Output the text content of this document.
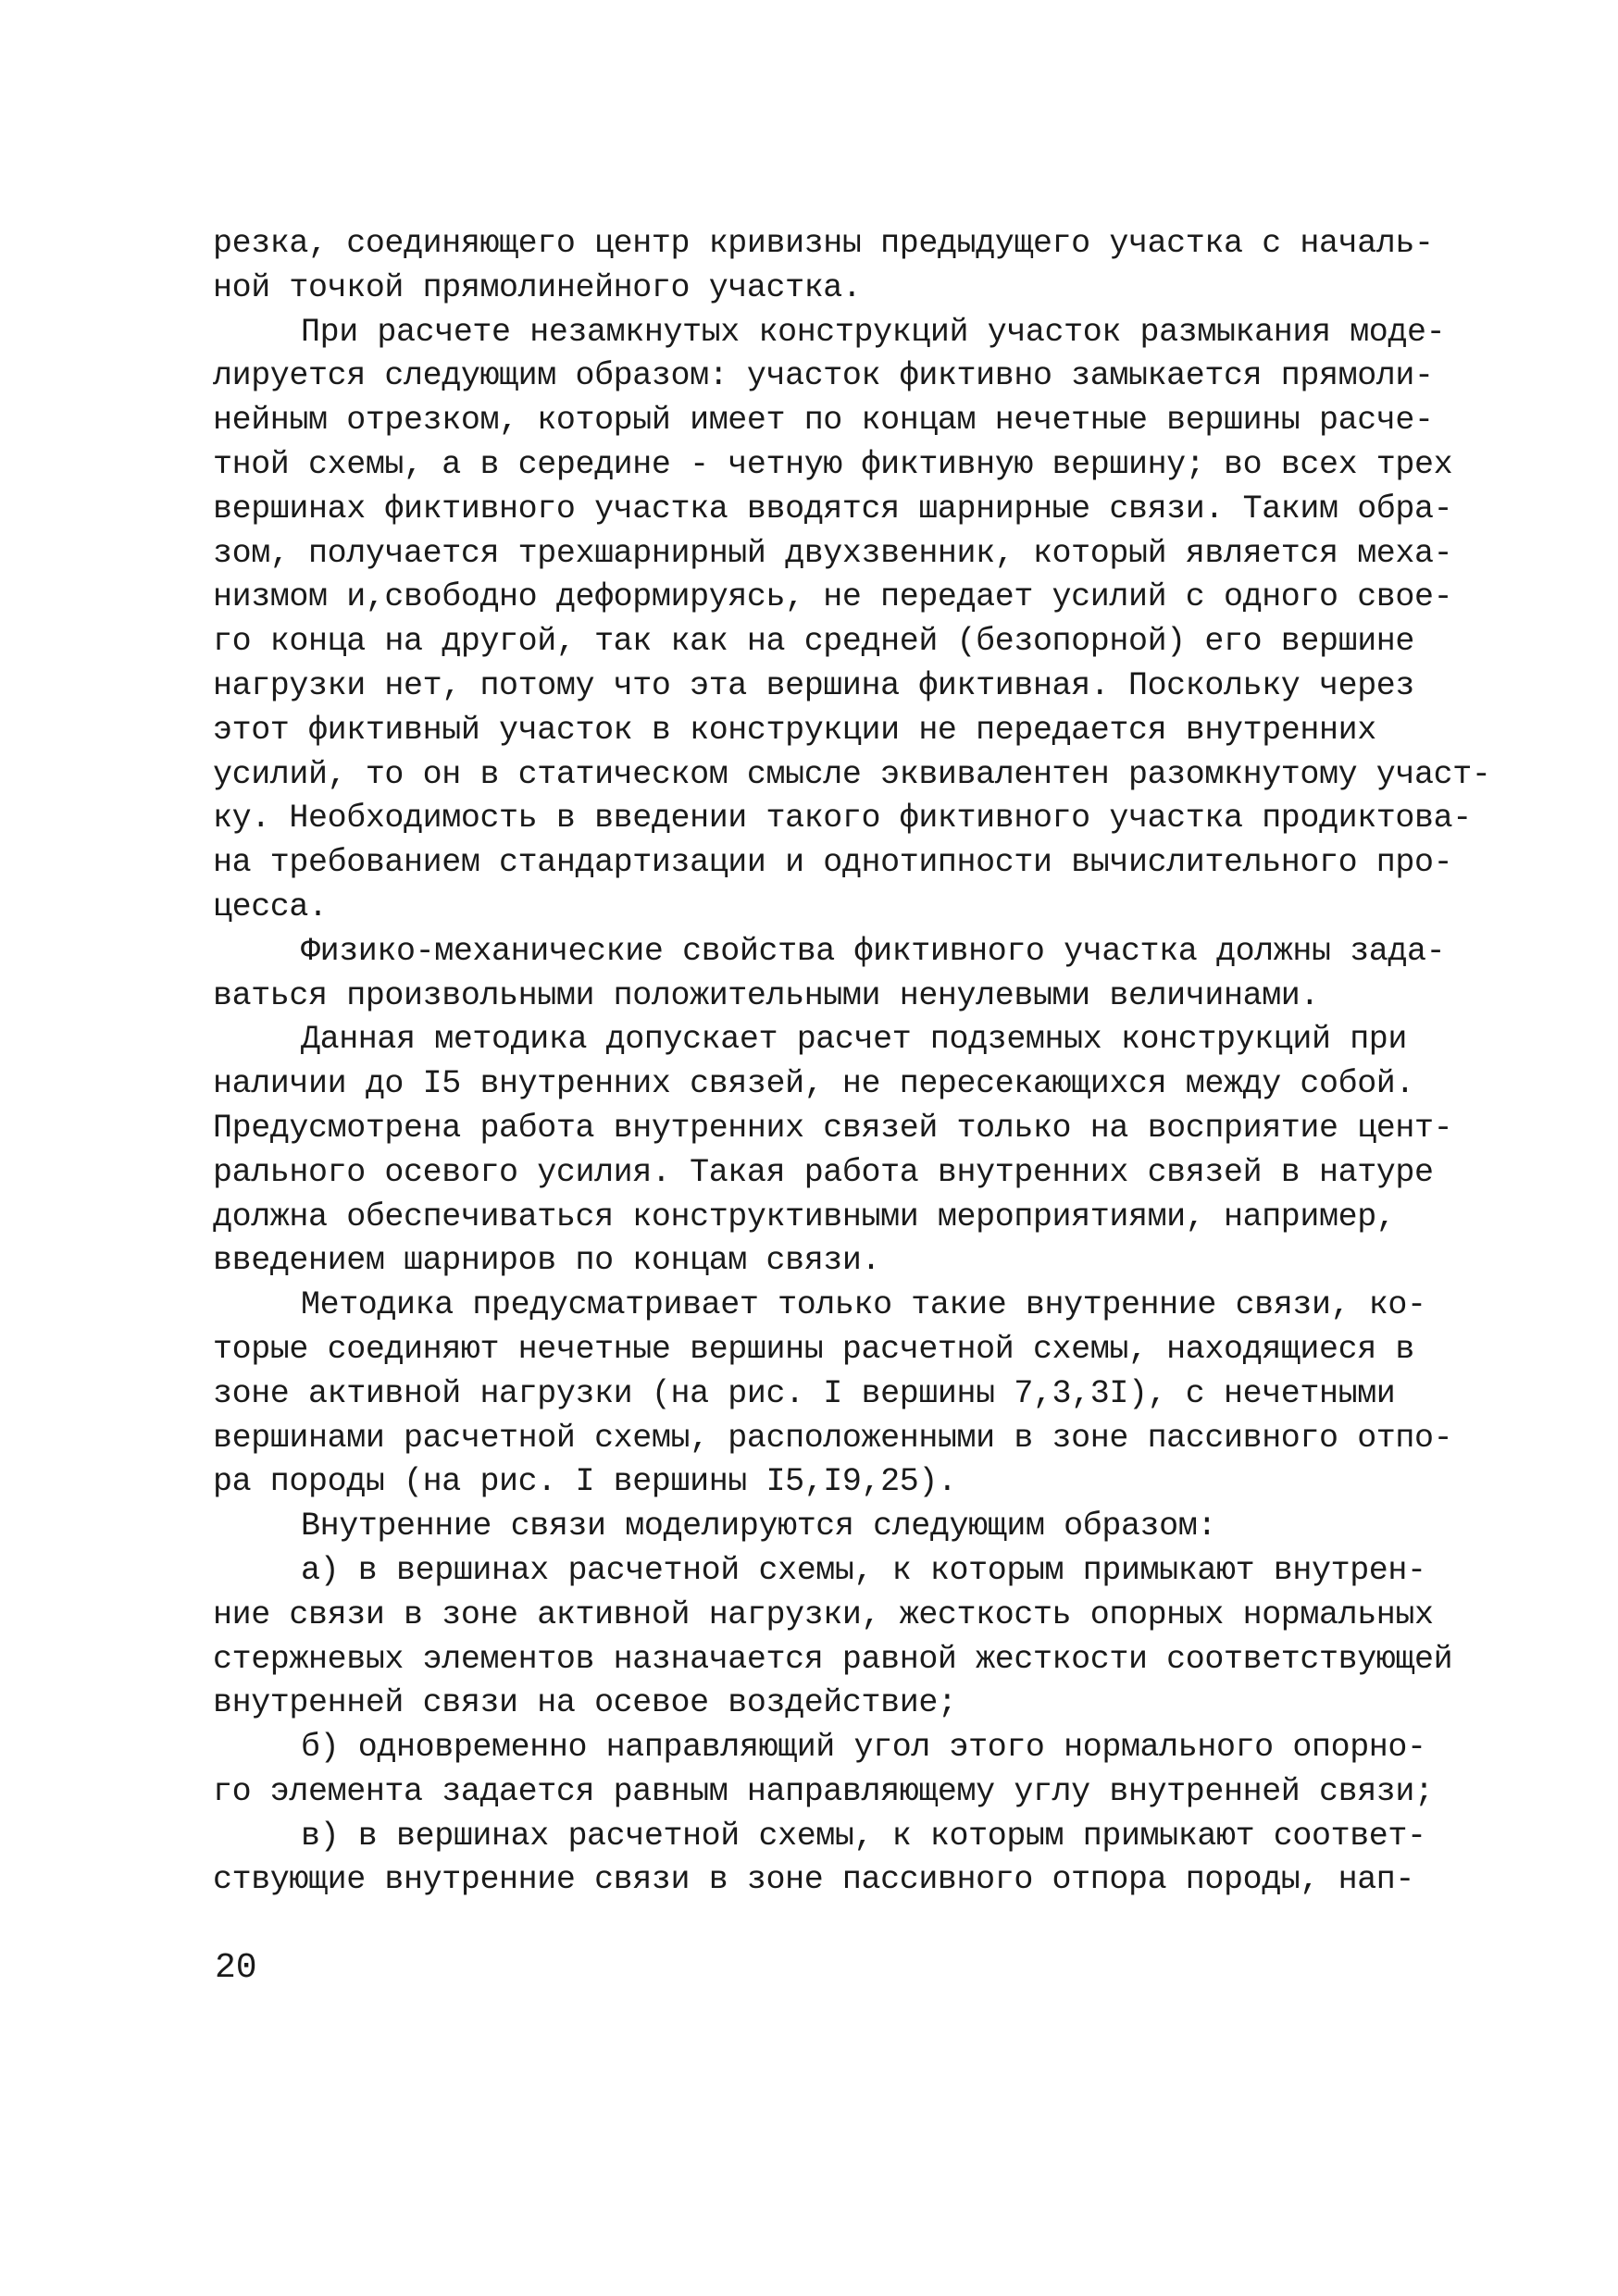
резка, соединяющего центр кривизны предыдущего участка с началь-
ной точкой прямолинейного участка.
При расчете незамкнутых конструкций участок размыкания моде-
лируется следующим образом: участок фиктивно замыкается прямоли-
нейным отрезком, который имеет по концам нечетные вершины расче-
тной схемы, а в середине - четную фиктивную вершину; во всех трех
вершинах фиктивного участка вводятся шарнирные связи. Таким обра-
зом, получается трехшарнирный двухзвенник, который является меха-
низмом и,свободно деформируясь, не передает усилий с одного свое-
го конца на другой, так как на средней (безопорной) его вершине
нагрузки нет, потому что эта вершина фиктивная. Поскольку через
этот фиктивный участок в конструкции не передается внутренних
усилий, то он в статическом смысле эквивалентен разомкнутому участ-
ку. Необходимость в введении такого фиктивного участка продиктова-
на требованием стандартизации и однотипности вычислительного про-
цесса.
Физико-механические свойства фиктивного участка должны зада-
ваться произвольными положительными ненулевыми величинами.
Данная методика допускает расчет подземных конструкций при
наличии до I5 внутренних связей, не пересекающихся между собой.
Предусмотрена работа внутренних связей только на восприятие цент-
рального осевого усилия. Такая работа внутренних связей в натуре
должна обеспечиваться конструктивными мероприятиями, например,
введением шарниров по концам связи.
Методика предусматривает только такие внутренние связи, ко-
торые соединяют нечетные вершины расчетной схемы, находящиеся в
зоне активной нагрузки (на рис. I вершины 7,3,3I), с нечетными
вершинами расчетной схемы, расположенными в зоне пассивного отпо-
ра породы (на рис. I вершины I5,I9,25).
Внутренние связи моделируются следующим образом:
а) в вершинах расчетной схемы, к которым примыкают внутрен-
ние связи в зоне активной нагрузки, жесткость опорных нормальных
стержневых элементов назначается равной жесткости соответствующей
внутренней связи на осевое воздействие;
б) одновременно направляющий угол этого нормального опорно-
го элемента задается равным направляющему углу внутренней связи;
в) в вершинах расчетной схемы, к которым примыкают соответ-
ствующие внутренние связи в зоне пассивного отпора породы, нап-
20
